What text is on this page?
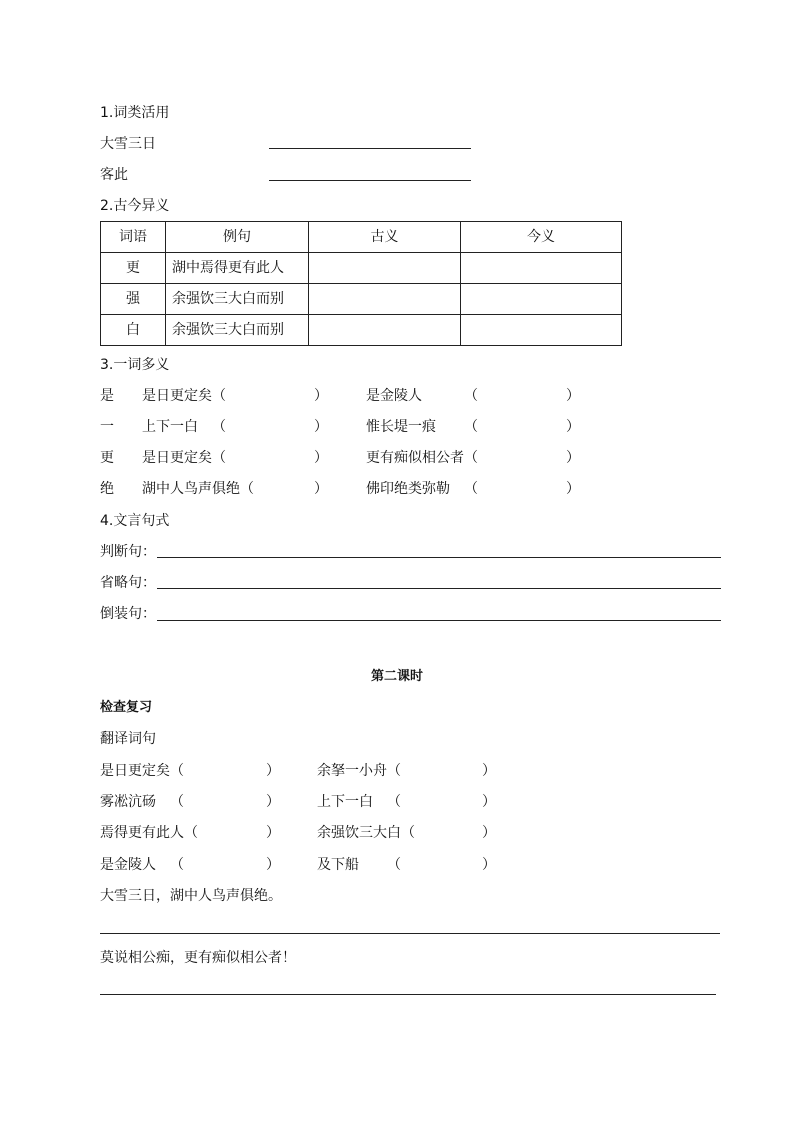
1.词类活用
大雪三日
客此
2.古今异义
词语	例句	古义	今义
更	湖中焉得更有此人		
强	余强饮三大白而别		
白	余强饮三大白而别		
3.一词多义
是 是日更定矣 （	）	是金陵人	（	）
一 上下一白 （	）	惟长堤一痕 （	）
更 是日更定矣 （	）	更有痴似相公者 （	）
绝 湖中人鸟声俱绝 （	）	佛印绝类弥勒 （	）
4.文言句式
判断句：
省略句：
倒装句：
第二课时
检查复习
翻译词句
是日更定矣 （	）	余拏一小舟 （	）
雾凇沆砀 （	）	上下一白 （	）
焉得更有此人 （	）	余强饮三大白 （	）
是金陵人 （	）	及下船 （	）
大雪三日，湖中人鸟声俱绝。
莫说相公痴，更有痴似相公者！
